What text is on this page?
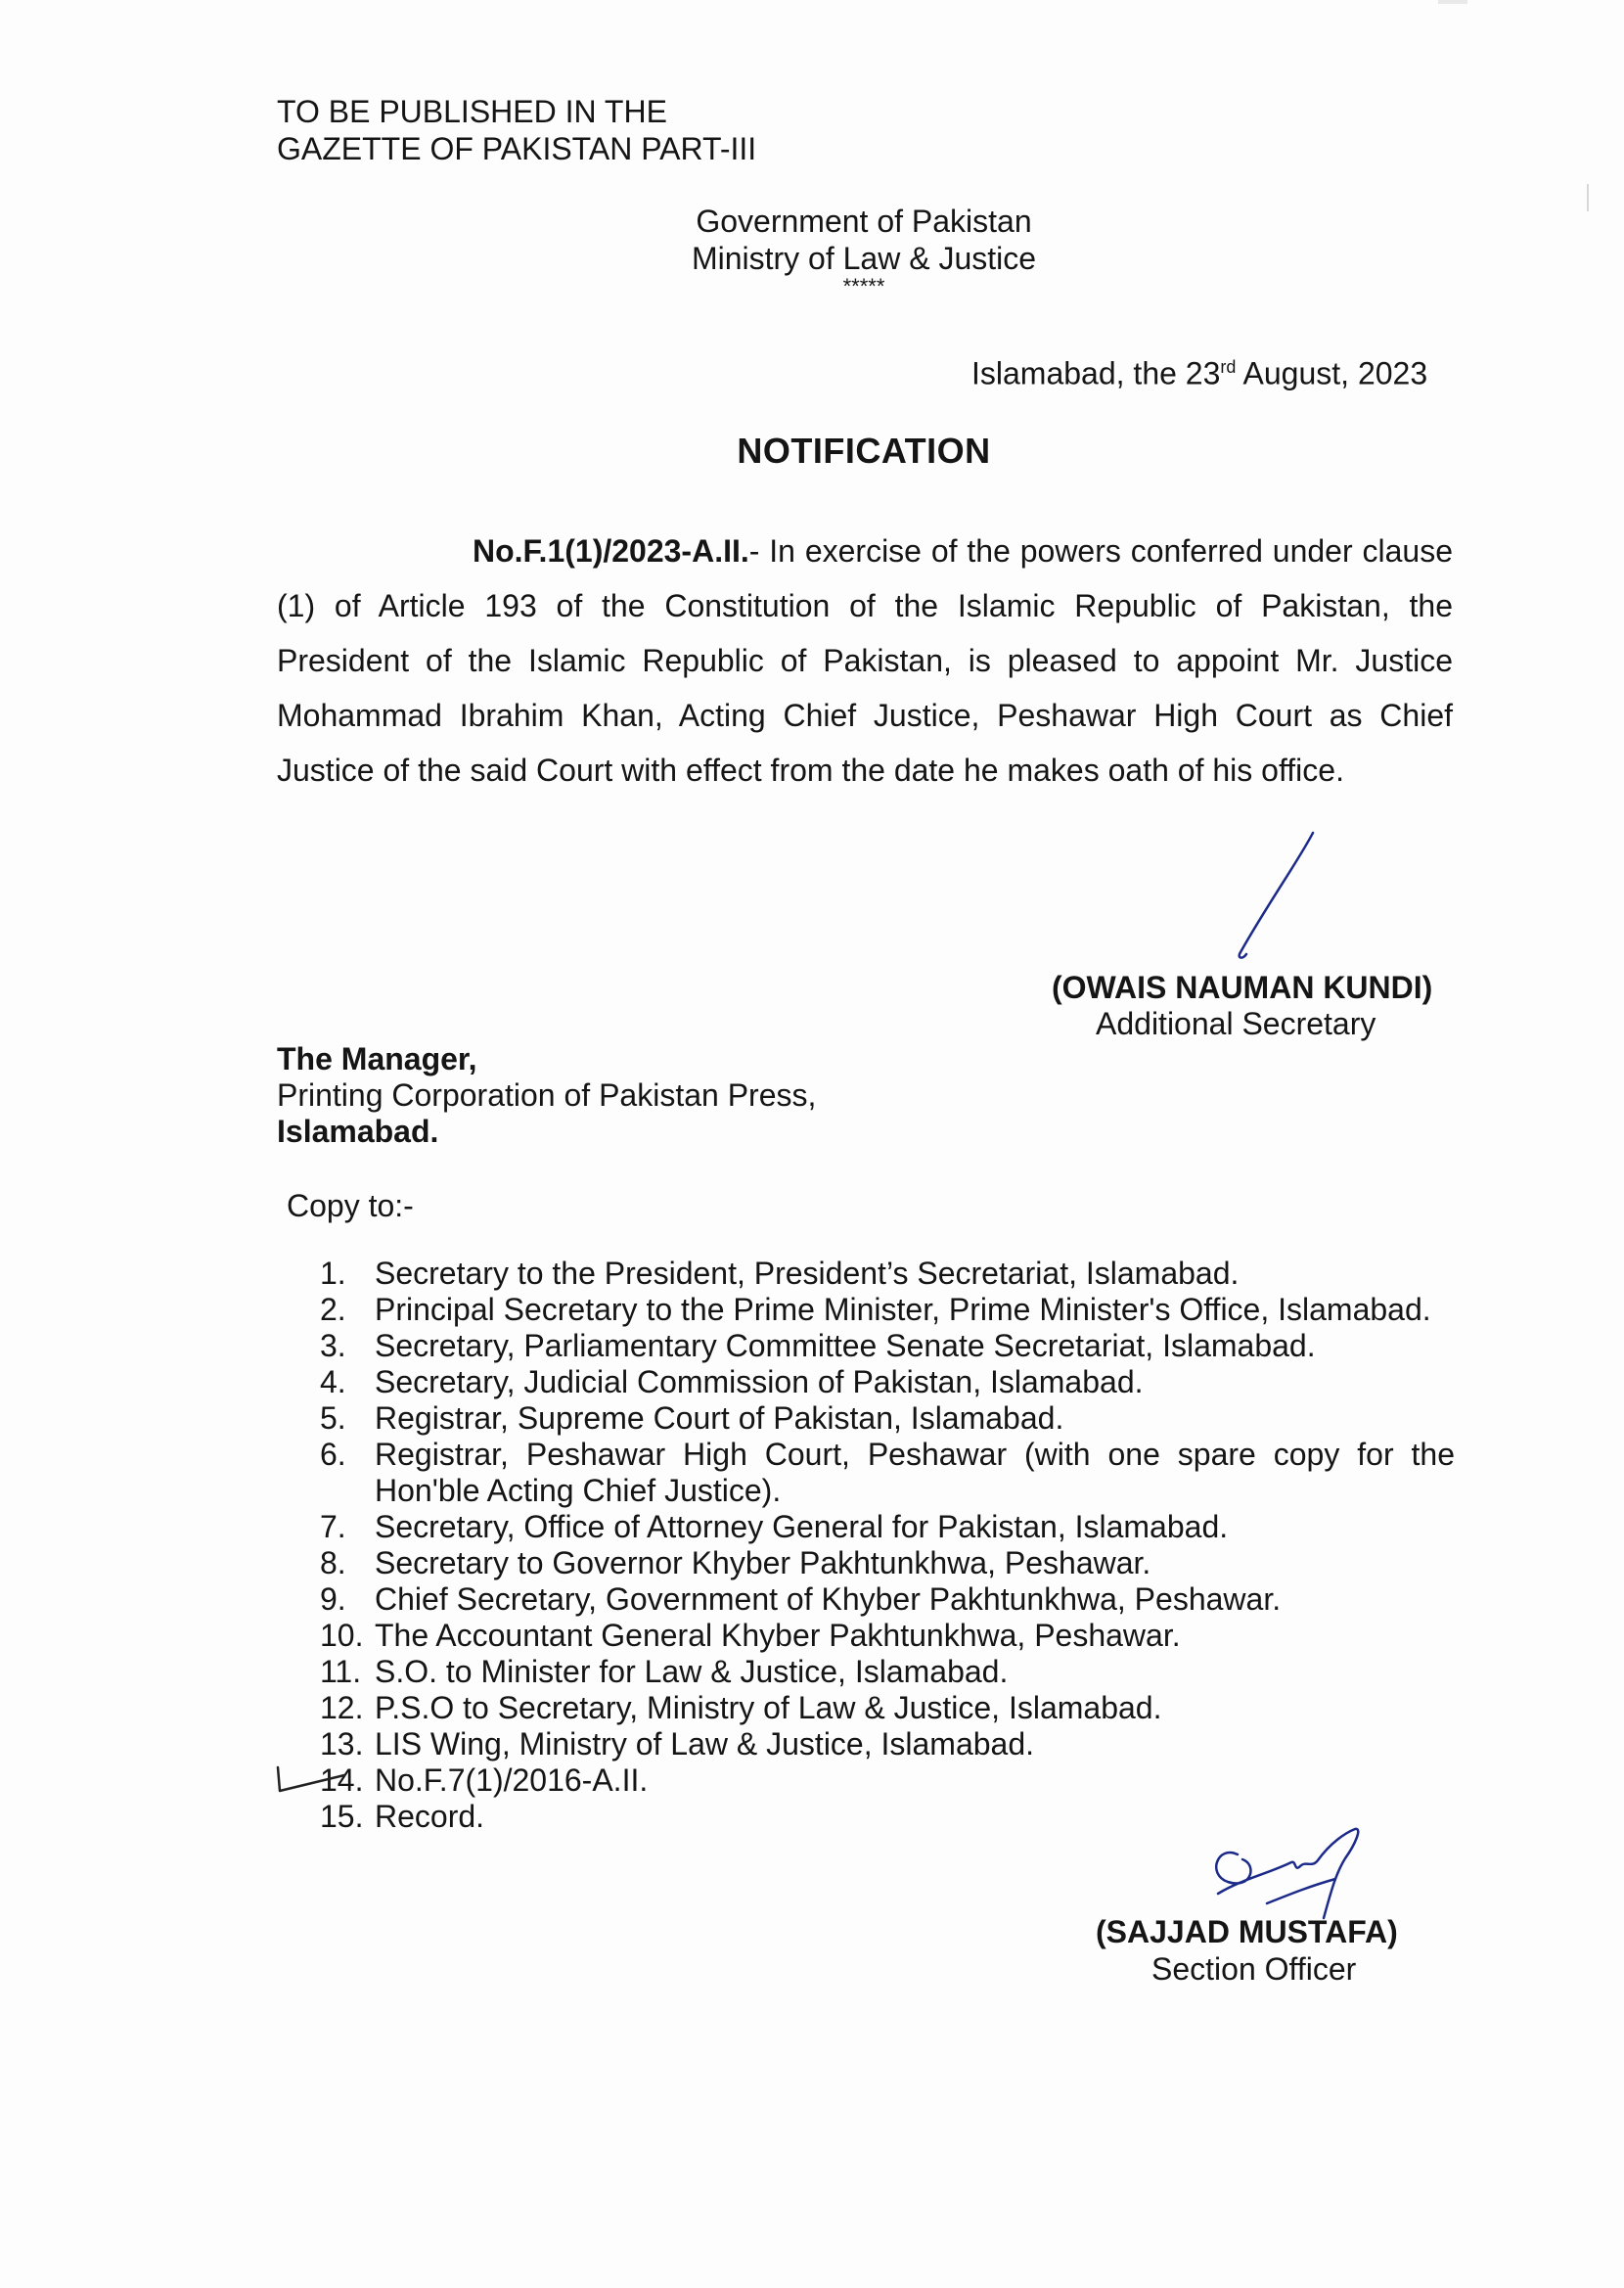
TO BE PUBLISHED IN THE
GAZETTE OF PAKISTAN PART-III
Government of Pakistan
Ministry of Law & Justice
*****
Islamabad, the 23rd August, 2023
NOTIFICATION
No.F.1(1)/2023-A.II.- In exercise of the powers conferred under clause (1) of Article 193 of the Constitution of the Islamic Republic of Pakistan, the President of the Islamic Republic of Pakistan, is pleased to appoint Mr. Justice Mohammad Ibrahim Khan, Acting Chief Justice, Peshawar High Court as Chief Justice of the said Court with effect from the date he makes oath of his office.
(OWAIS NAUMAN KUNDI)
Additional Secretary
The Manager,
Printing Corporation of Pakistan Press,
Islamabad.
Copy to:-
1. Secretary to the President, President’s Secretariat, Islamabad.
2. Principal Secretary to the Prime Minister, Prime Minister's Office, Islamabad.
3. Secretary, Parliamentary Committee Senate Secretariat, Islamabad.
4. Secretary, Judicial Commission of Pakistan, Islamabad.
5. Registrar, Supreme Court of Pakistan, Islamabad.
6. Registrar, Peshawar High Court, Peshawar (with one spare copy for the Hon'ble Acting Chief Justice).
7. Secretary, Office of Attorney General for Pakistan, Islamabad.
8. Secretary to Governor Khyber Pakhtunkhwa, Peshawar.
9. Chief Secretary, Government of Khyber Pakhtunkhwa, Peshawar.
10. The Accountant General Khyber Pakhtunkhwa, Peshawar.
11. S.O. to Minister for Law & Justice, Islamabad.
12. P.S.O to Secretary, Ministry of Law & Justice, Islamabad.
13. LIS Wing, Ministry of Law & Justice, Islamabad.
14. No.F.7(1)/2016-A.II.
15. Record.
(SAJJAD MUSTAFA)
Section Officer
